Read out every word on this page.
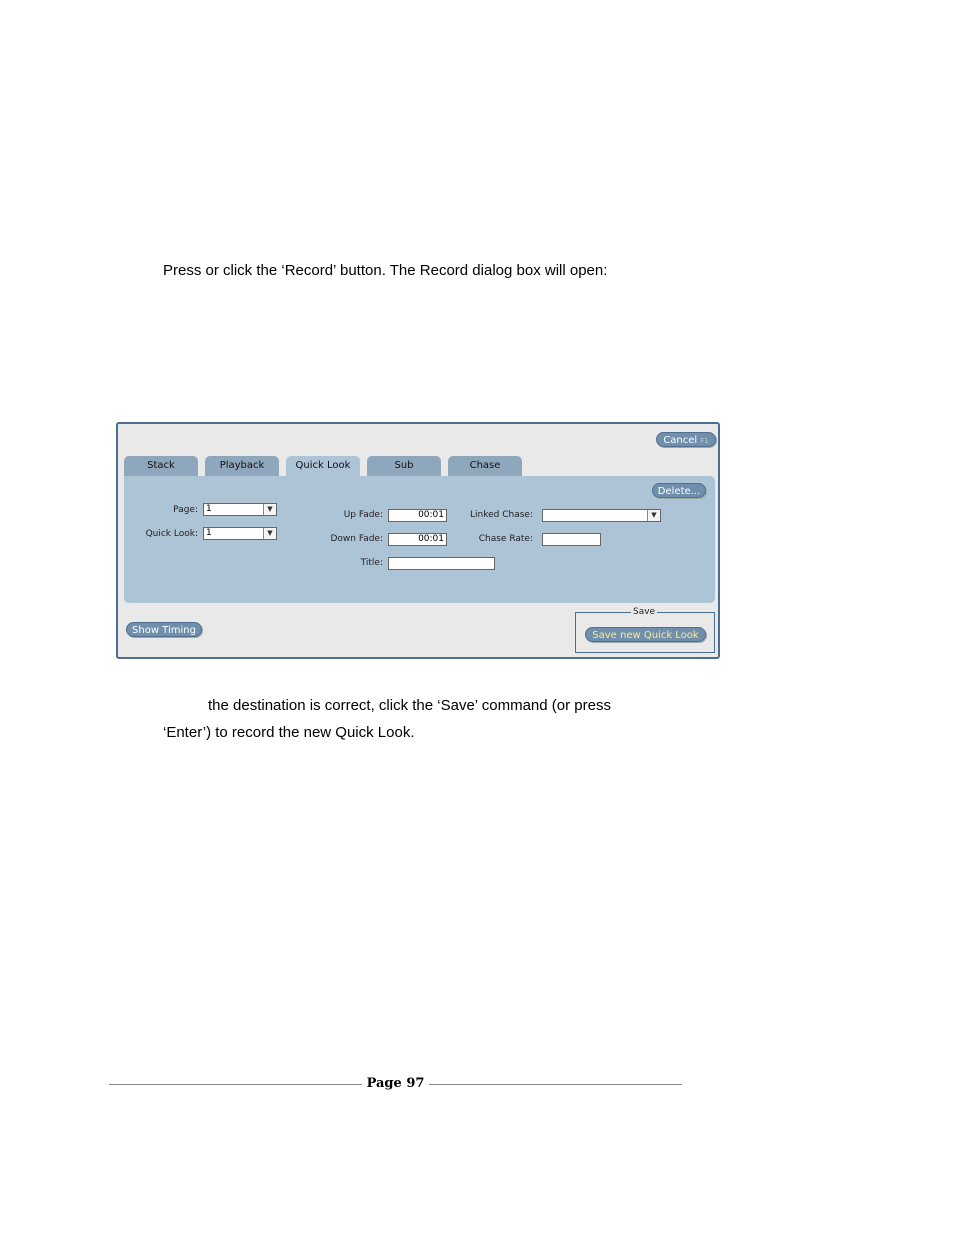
Press or click the ‘Record’ button. The Record dialog box will open:

Cancel F1
Stack	Playback	Quick Look	Sub	Chase
Delete...
Page: 1	▼
Quick Look: 1	▼
Up Fade:	00:01
Down Fade:	00:01
Title:
Linked Chase:	▼
Chase Rate:
Show Timing
Save
Save new Quick Look

the destination is correct, click the ‘Save’ command (or press

‘Enter’) to record the new Quick Look.

Page 97
